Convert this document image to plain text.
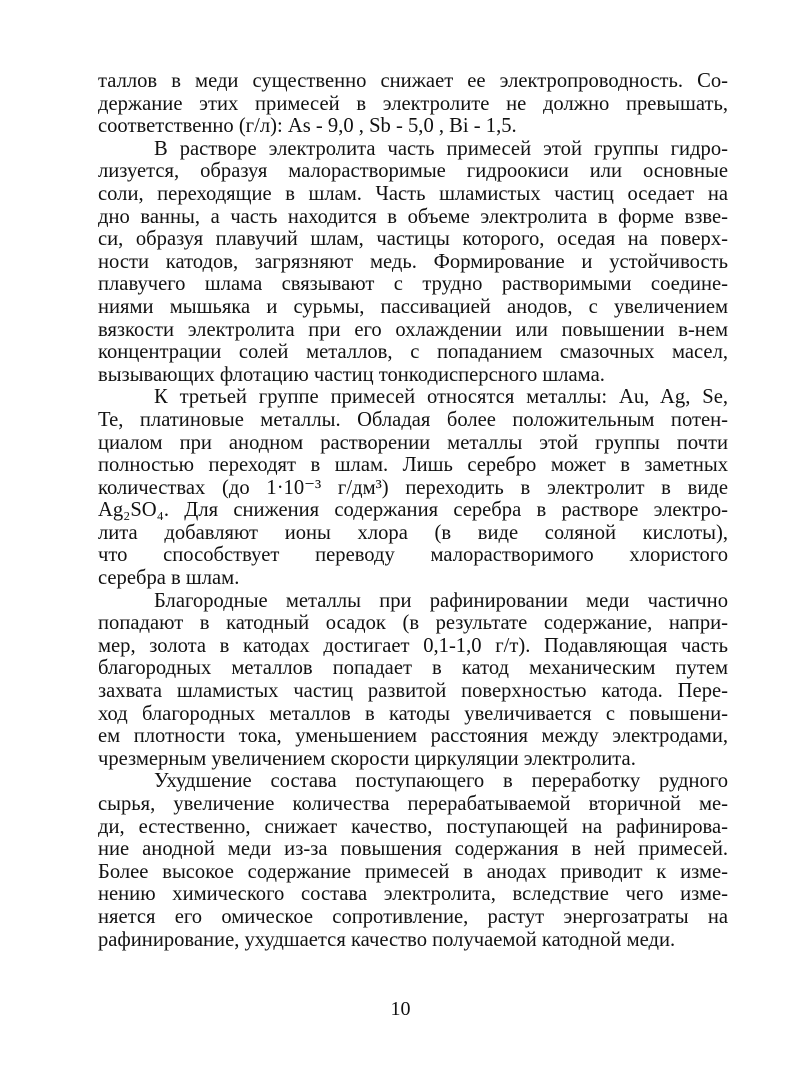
таллов в меди существенно снижает ее электропроводность. Со-
держание этих примесей в электролите не должно превышать,
соответственно (г/л): As - 9,0 , Sb - 5,0 , Bi - 1,5.
В растворе электролита часть примесей этой группы гидро-
лизуется, образуя малорастворимые гидроокиси или основные
соли, переходящие в шлам. Часть шламистых частиц оседает на
дно ванны, а часть находится в объеме электролита в форме взве-
си, образуя плавучий шлам, частицы которого, оседая на поверх-
ности катодов, загрязняют медь. Формирование и устойчивость
плавучего шлама связывают с трудно растворимыми соедине-
ниями мышьяка и сурьмы, пассивацией анодов, с увеличением
вязкости электролита при его охлаждении или повышении в-нем
концентрации солей металлов, с попаданием смазочных масел,
вызывающих флотацию частиц тонкодисперсного шлама.
К третьей группе примесей относятся металлы: Au, Ag, Se,
Te, платиновые металлы. Обладая более положительным потен-
циалом при анодном растворении металлы этой группы почти
полностью переходят в шлам. Лишь серебро может в заметных
количествах (до 1·10⁻³ г/дм³) переходить в электролит в виде
Ag₂SO₄. Для снижения содержания серебра в растворе электро-
лита добавляют ионы хлора (в виде соляной кислоты),
что способствует переводу малорастворимого хлористого
серебра в шлам.
Благородные металлы при рафинировании меди частично
попадают в катодный осадок (в результате содержание, напри-
мер, золота в катодах достигает 0,1-1,0 г/т). Подавляющая часть
благородных металлов попадает в катод механическим путем
захвата шламистых частиц развитой поверхностью катода. Пере-
ход благородных металлов в катоды увеличивается с повышени-
ем плотности тока, уменьшением расстояния между электродами,
чрезмерным увеличением скорости циркуляции электролита.
Ухудшение состава поступающего в переработку рудного
сырья, увеличение количества перерабатываемой вторичной ме-
ди, естественно, снижает качество, поступающей на рафинирова-
ние анодной меди из-за повышения содержания в ней примесей.
Более высокое содержание примесей в анодах приводит к изме-
нению химического состава электролита, вследствие чего изме-
няется его омическое сопротивление, растут энергозатраты на
рафинирование, ухудшается качество получаемой катодной меди.
10
